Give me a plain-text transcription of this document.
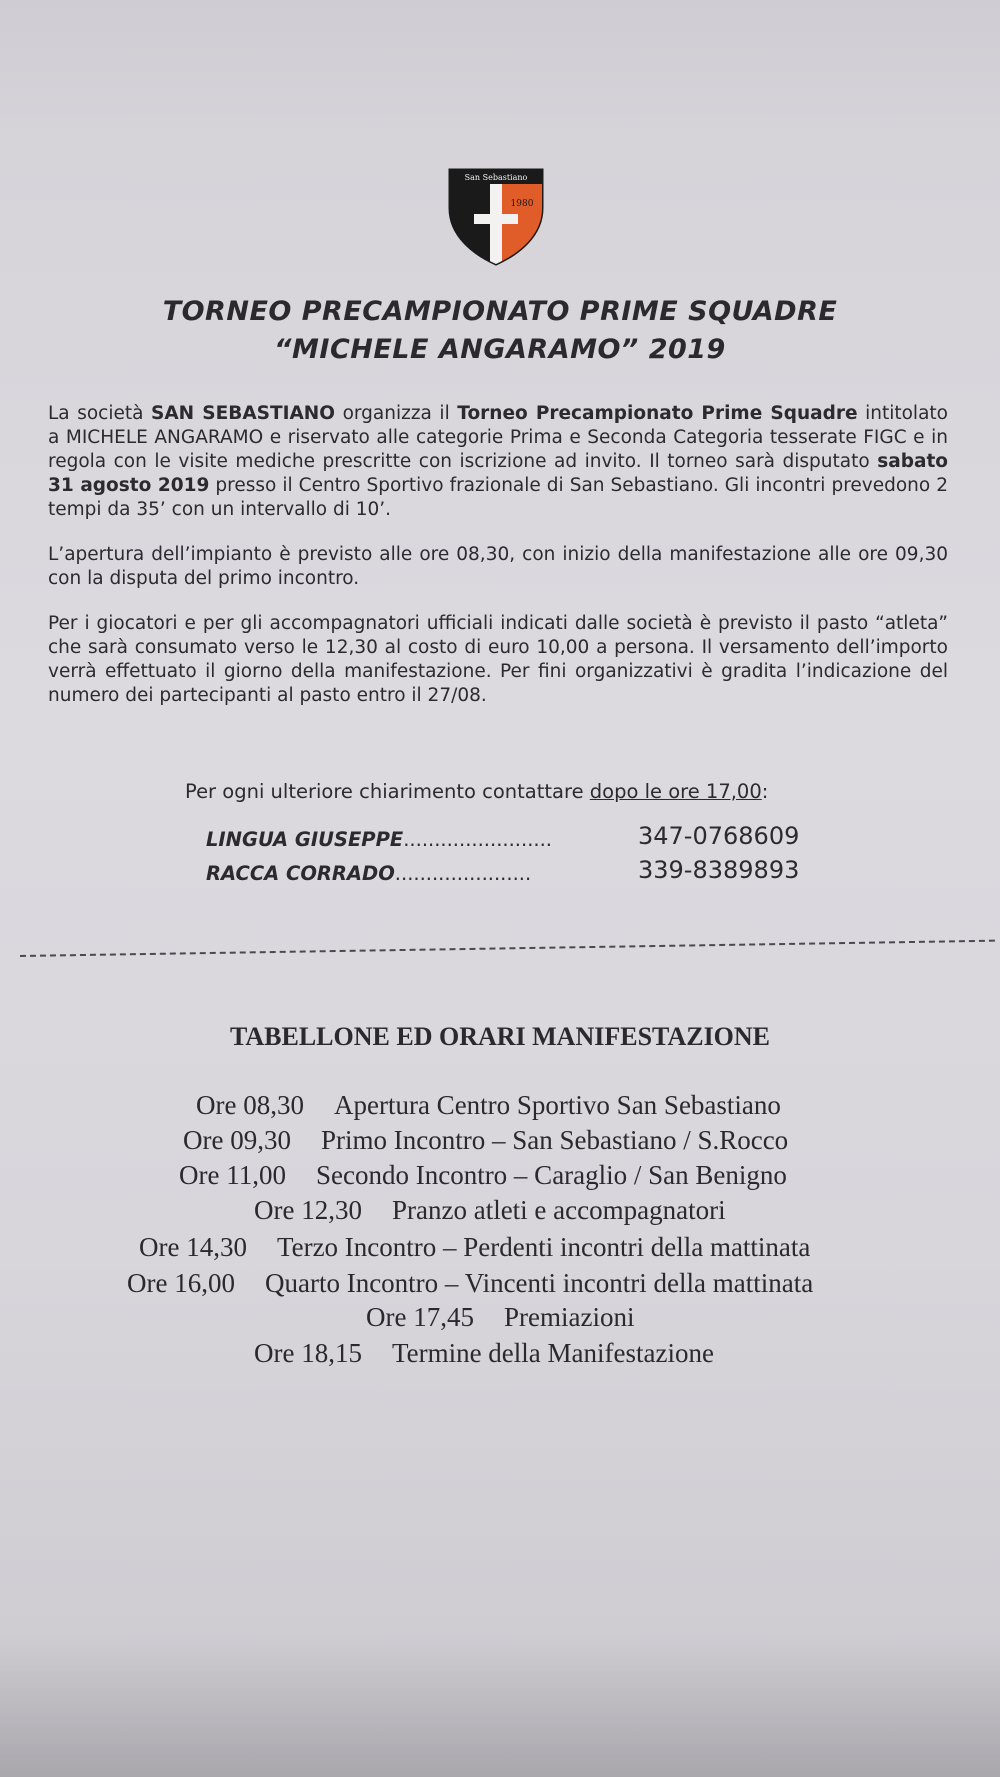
San Sebastiano
1980
TORNEO PRECAMPIONATO PRIME SQUADRE
“MICHELE ANGARAMO” 2019
La società SAN SEBASTIANO organizza il Torneo Precampionato Prime Squadre intitolato a MICHELE ANGARAMO e riservato alle categorie Prima e Seconda Categoria tesserate FIGC e in regola con le visite mediche prescritte con iscrizione ad invito. Il torneo sarà disputato sabato 31 agosto 2019 presso il Centro Sportivo frazionale di San Sebastiano. Gli incontri prevedono 2 tempi da 35’ con un intervallo di 10’.
L’apertura dell’impianto è previsto alle ore 08,30, con inizio della manifestazione alle ore 09,30 con la disputa del primo incontro.
Per i giocatori e per gli accompagnatori ufficiali indicati dalle società è previsto il pasto “atleta” che sarà consumato verso le 12,30 al costo di euro 10,00 a persona. Il versamento dell’importo verrà effettuato il giorno della manifestazione. Per fini organizzativi è gradita l’indicazione del numero dei partecipanti al pasto entro il 27/08.
Per ogni ulteriore chiarimento contattare dopo le ore 17,00:
LINGUA GIUSEPPE........................	347-0768609
RACCA CORRADO......................	339-8389893
TABELLONE ED ORARI MANIFESTAZIONE
Ore 08,30 Apertura Centro Sportivo San Sebastiano
Ore 09,30 Primo Incontro – San Sebastiano / S.Rocco
Ore 11,00 Secondo Incontro – Caraglio / San Benigno
Ore 12,30 Pranzo atleti e accompagnatori
Ore 14,30 Terzo Incontro – Perdenti incontri della mattinata
Ore 16,00 Quarto Incontro – Vincenti incontri della mattinata
Ore 17,45 Premiazioni
Ore 18,15 Termine della Manifestazione
